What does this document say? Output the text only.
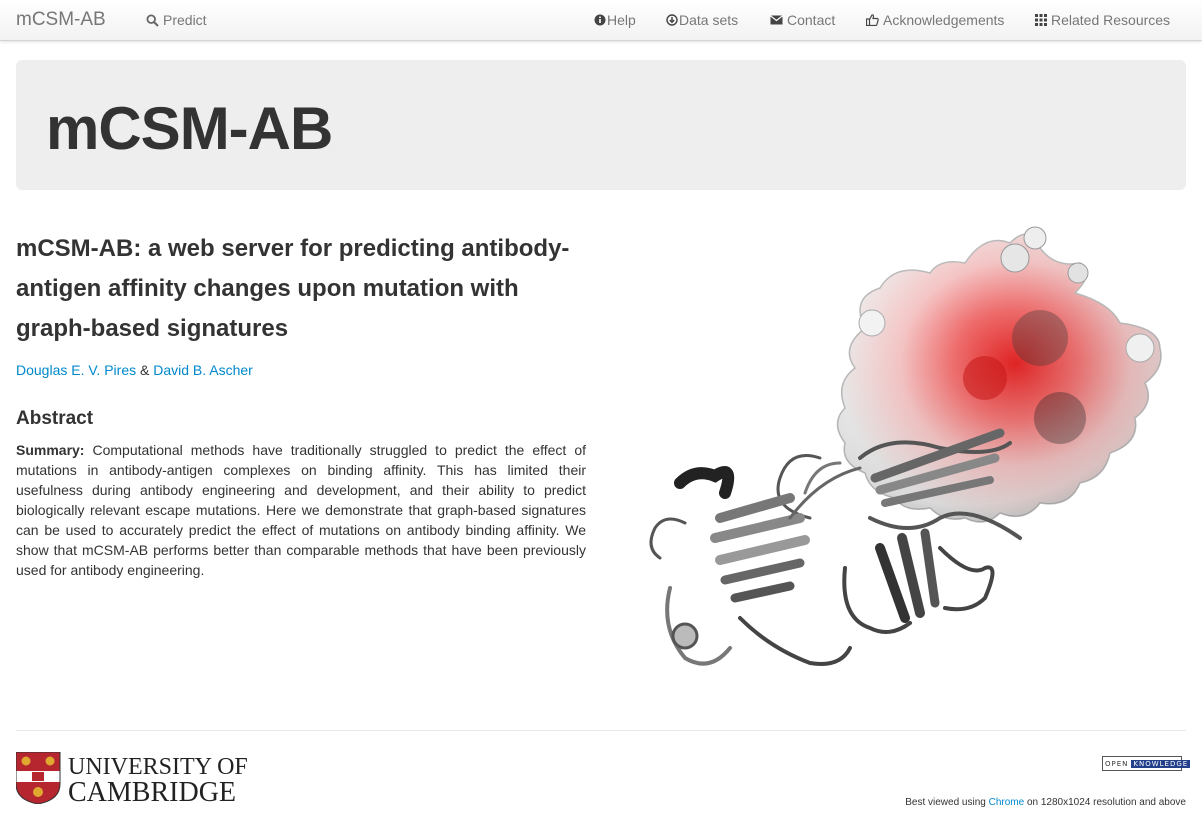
mCSM-AB	Predict	Help	Data sets	Contact	Acknowledgements	Related Resources
mCSM-AB
mCSM-AB: a web server for predicting antibody-antigen affinity changes upon mutation with graph-based signatures

Douglas E. V. Pires & David B. Ascher

Abstract

Summary: Computational methods have traditionally struggled to predict the effect of mutations in antibody-antigen complexes on binding affinity. This has limited their usefulness during antibody engineering and development, and their ability to predict biologically relevant escape mutations. Here we demonstrate that graph-based signatures can be used to accurately predict the effect of mutations on antibody binding affinity. We show that mCSM-AB performs better than comparable methods that have been previously used for antibody engineering.

UNIVERSITY OF
CAMBRIDGE
OPEN KNOWLEDGE
Best viewed using Chrome on 1280x1024 resolution and above
